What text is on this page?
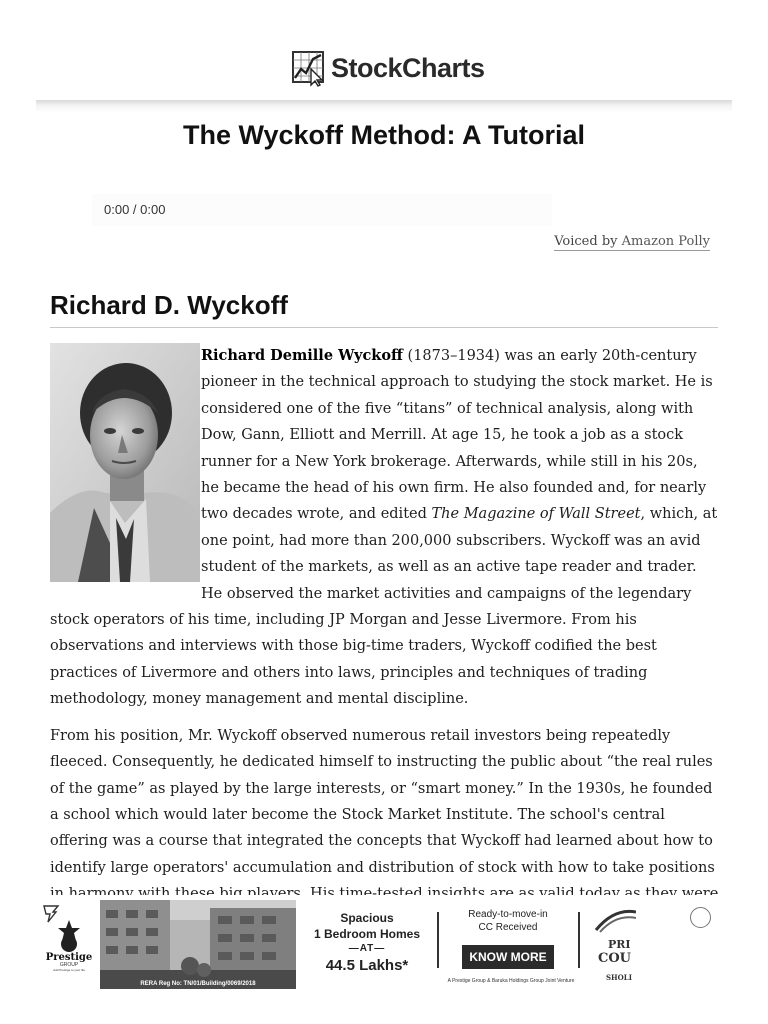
StockCharts
The Wyckoff Method: A Tutorial
0:00 / 0:00
Voiced by Amazon Polly
Richard D. Wyckoff

Richard Demille Wyckoff (1873–1934) was an early 20th-century pioneer in the technical approach to studying the stock market. He is considered one of the five “titans” of technical analysis, along with Dow, Gann, Elliott and Merrill. At age 15, he took a job as a stock runner for a New York brokerage. Afterwards, while still in his 20s, he became the head of his own firm. He also founded and, for nearly two decades wrote, and edited The Magazine of Wall Street, which, at one point, had more than 200,000 subscribers. Wyckoff was an avid student of the markets, as well as an active tape reader and trader. He observed the market activities and campaigns of the legendary stock operators of his time, including JP Morgan and Jesse Livermore. From his observations and interviews with those big-time traders, Wyckoff codified the best practices of Livermore and others into laws, principles and techniques of trading methodology, money management and mental discipline.

From his position, Mr. Wyckoff observed numerous retail investors being repeatedly fleeced. Consequently, he dedicated himself to instructing the public about “the real rules of the game” as played by the large interests, or “smart money.” In the 1930s, he founded a school which would later become the Stock Market Institute. The school's central offering was a course that integrated the concepts that Wyckoff had learned about how to identify large operators' accumulation and distribution of stock with how to take positions

Prestige
GROUP
Add Prestige to your life
RERA Reg No: TN/01/Building/0069/2018
Spacious
1 Bedroom Homes
—AT—
44.5 Lakhs*
Ready-to-move-in
CC Received
KNOW MORE
A Prestige Group & Baruka Holdings Group Joint Venture
PRI
COU
SHOLI
